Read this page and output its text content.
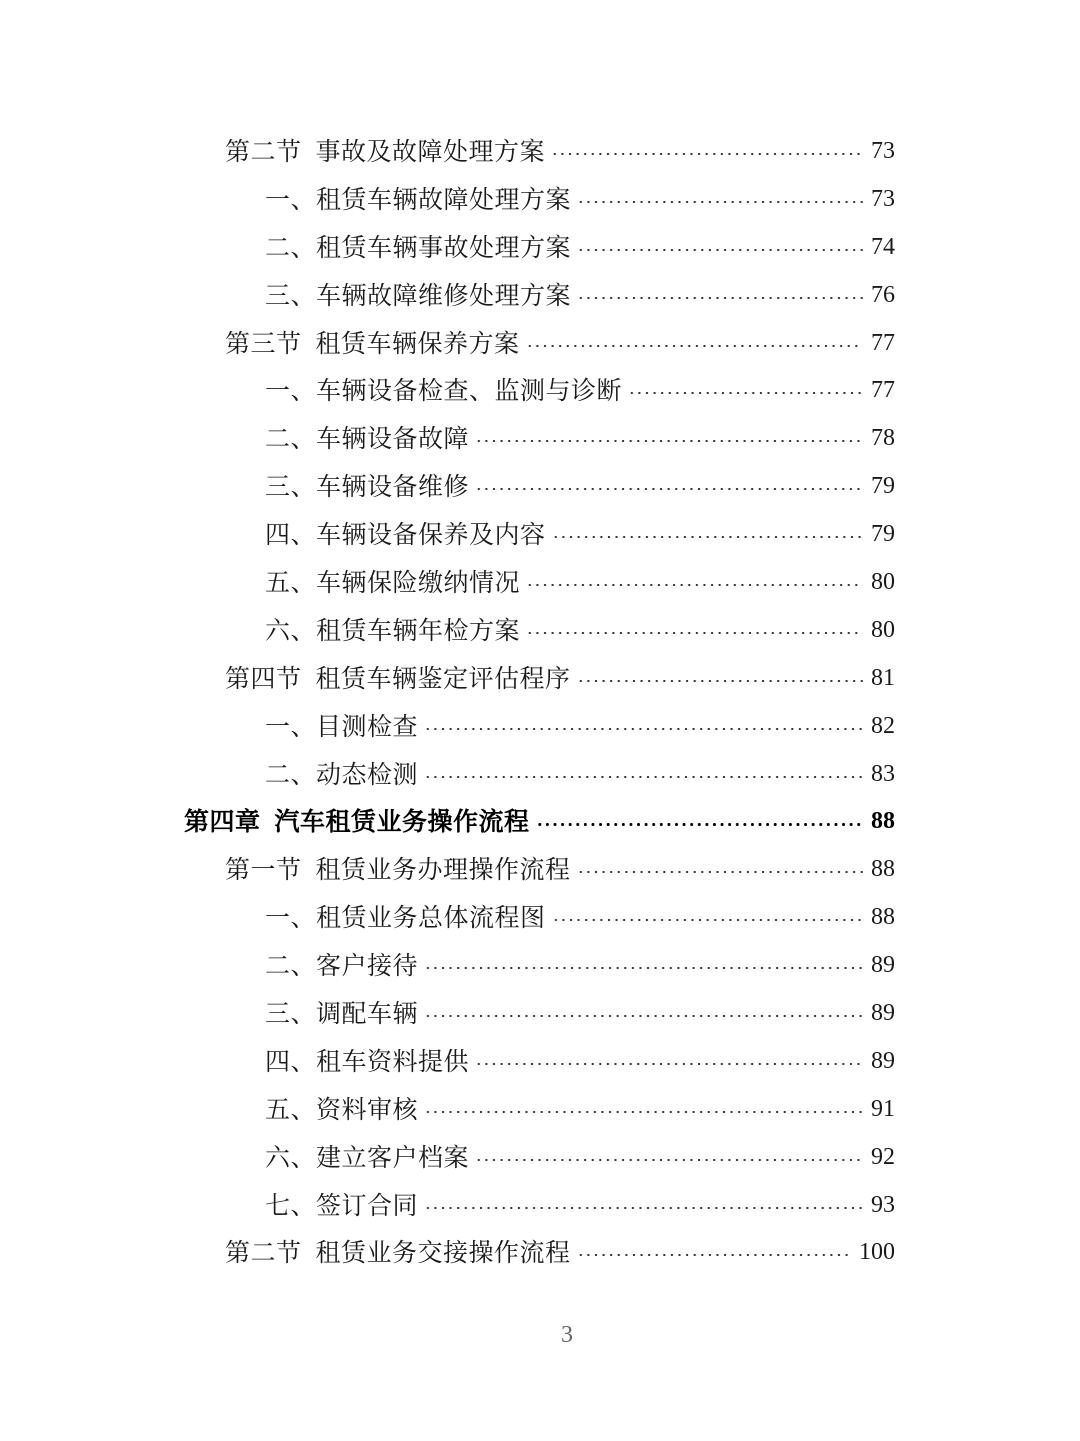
第二节 事故及故障处理方案	73
一、租赁车辆故障处理方案	73
二、租赁车辆事故处理方案	74
三、车辆故障维修处理方案	76
第三节 租赁车辆保养方案	77
一、车辆设备检查、监测与诊断	77
二、车辆设备故障	78
三、车辆设备维修	79
四、车辆设备保养及内容	79
五、车辆保险缴纳情况	80
六、租赁车辆年检方案	80
第四节 租赁车辆鉴定评估程序	81
一、目测检查	82
二、动态检测	83
第四章 汽车租赁业务操作流程	88
第一节 租赁业务办理操作流程	88
一、租赁业务总体流程图	88
二、客户接待	89
三、调配车辆	89
四、租车资料提供	89
五、资料审核	91
六、建立客户档案	92
七、签订合同	93
第二节 租赁业务交接操作流程	100
3
